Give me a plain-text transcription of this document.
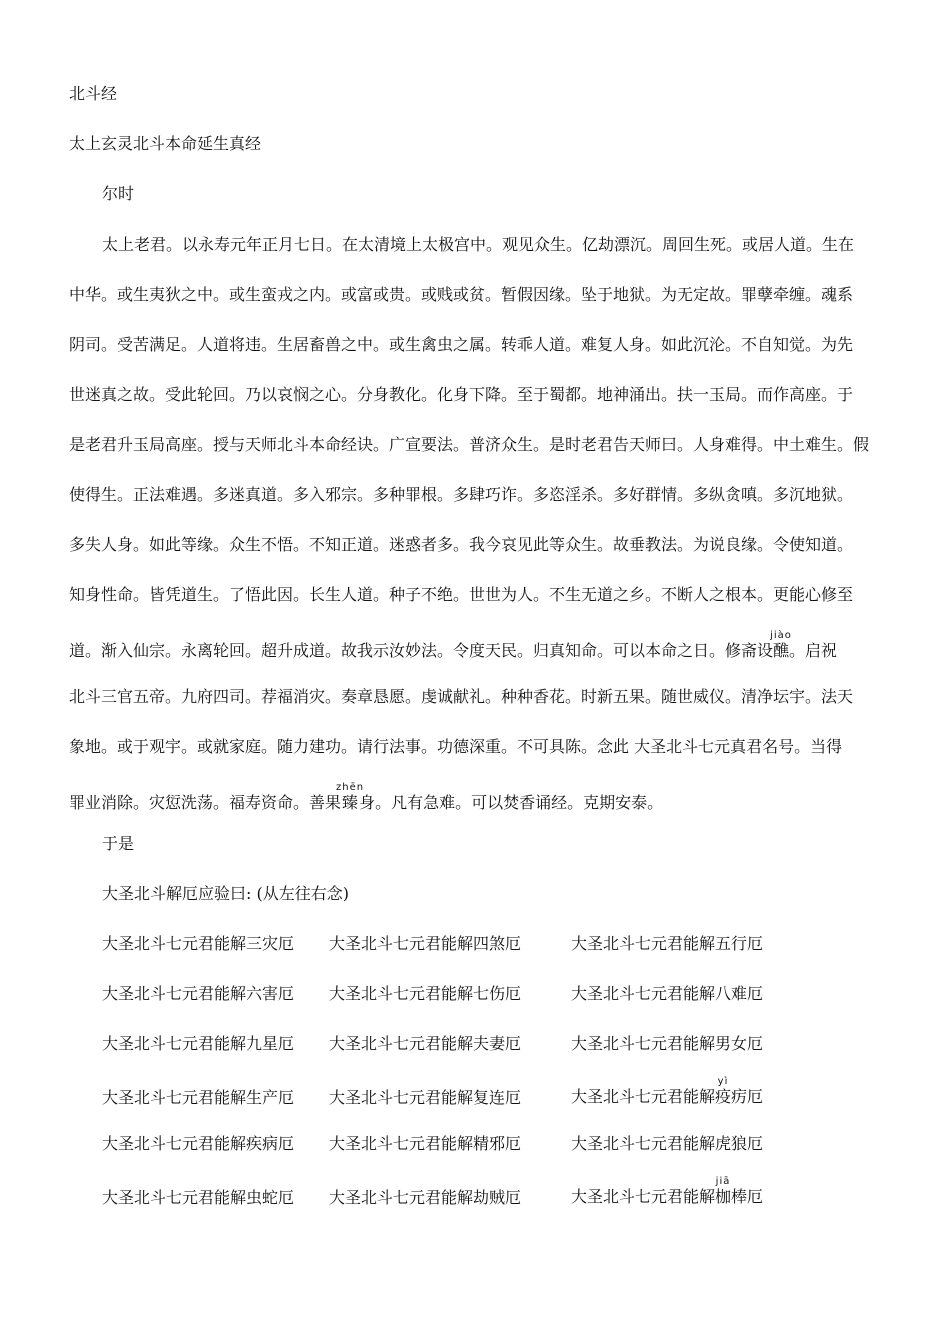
北斗经
太上玄灵北斗本命延生真经
尔时
太上老君。以永寿元年正月七日。在太清境上太极宫中。观见众生。亿劫漂沉。周回生死。或居人道。生在
中华。或生夷狄之中。或生蛮戎之内。或富或贵。或贱或贫。暂假因缘。坠于地狱。为无定故。罪孽牵缠。魂系
阴司。受苦满足。人道将违。生居畜兽之中。或生禽虫之属。转乖人道。难复人身。如此沉沦。不自知觉。为先
世迷真之故。受此轮回。乃以哀悯之心。分身教化。化身下降。至于蜀都。地神涌出。扶一玉局。而作高座。于
是老君升玉局高座。授与天师北斗本命经诀。广宣要法。普济众生。是时老君告天师曰。人身难得。中土难生。假
使得生。正法难遇。多迷真道。多入邪宗。多种罪根。多肆巧诈。多恣淫杀。多好群情。多纵贪嗔。多沉地狱。
多失人身。如此等缘。众生不悟。不知正道。迷惑者多。我今哀见此等众生。故垂教法。为说良缘。令使知道。
知身性命。皆凭道生。了悟此因。长生人道。种子不绝。世世为人。不生无道之乡。不断人之根本。更能心修至
道。渐入仙宗。永离轮回。超升成道。故我示汝妙法。令度天民。归真知命。可以本命之日。修斋设醮jiào。启祝
北斗三官五帝。九府四司。荐福消灾。奏章恳愿。虔诚献礼。种种香花。时新五果。随世威仪。清净坛宇。法天
象地。或于观宇。或就家庭。随力建功。请行法事。功德深重。不可具陈。念此 大圣北斗七元真君名号。当得
罪业消除。灾愆洗荡。福寿资命。善果臻zhēn身。凡有急难。可以焚香诵经。克期安泰。
于是
大圣北斗解厄应验曰: (从左往右念)
大圣北斗七元君能解三灾厄 大圣北斗七元君能解四煞厄	大圣北斗七元君能解五行厄
大圣北斗七元君能解六害厄 大圣北斗七元君能解七伤厄	大圣北斗七元君能解八难厄
大圣北斗七元君能解九星厄 大圣北斗七元君能解夫妻厄	大圣北斗七元君能解男女厄
大圣北斗七元君能解生产厄 大圣北斗七元君能解复连厄	大圣北斗七元君能解疫yì疠厄
大圣北斗七元君能解疾病厄 大圣北斗七元君能解精邪厄	大圣北斗七元君能解虎狼厄
大圣北斗七元君能解虫蛇厄 大圣北斗七元君能解劫贼厄	大圣北斗七元君能解枷jiā棒厄
